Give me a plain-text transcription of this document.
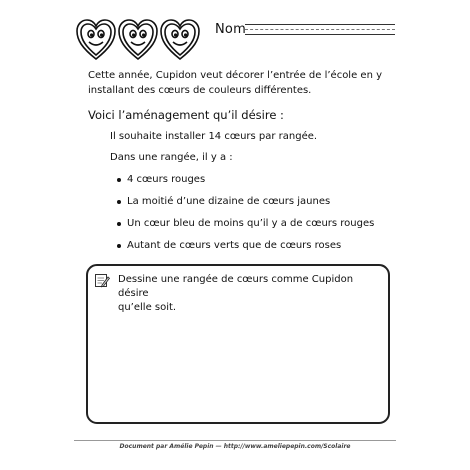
Nom
Cette année, Cupidon veut décorer l’entrée de l’école en y
installant des cœurs de couleurs différentes.
Voici l’aménagement qu’il désire :
Il souhaite installer 14 cœurs par rangée.
Dans une rangée, il y a :
4 cœurs rouges
La moitié d’une dizaine de cœurs jaunes
Un cœur bleu de moins qu’il y a de cœurs rouges
Autant de cœurs verts que de cœurs roses
Dessine une rangée de cœurs comme Cupidon désire
qu’elle soit.
Document par Amélie Pepin — http://www.ameliepepin.com/Scolaire
